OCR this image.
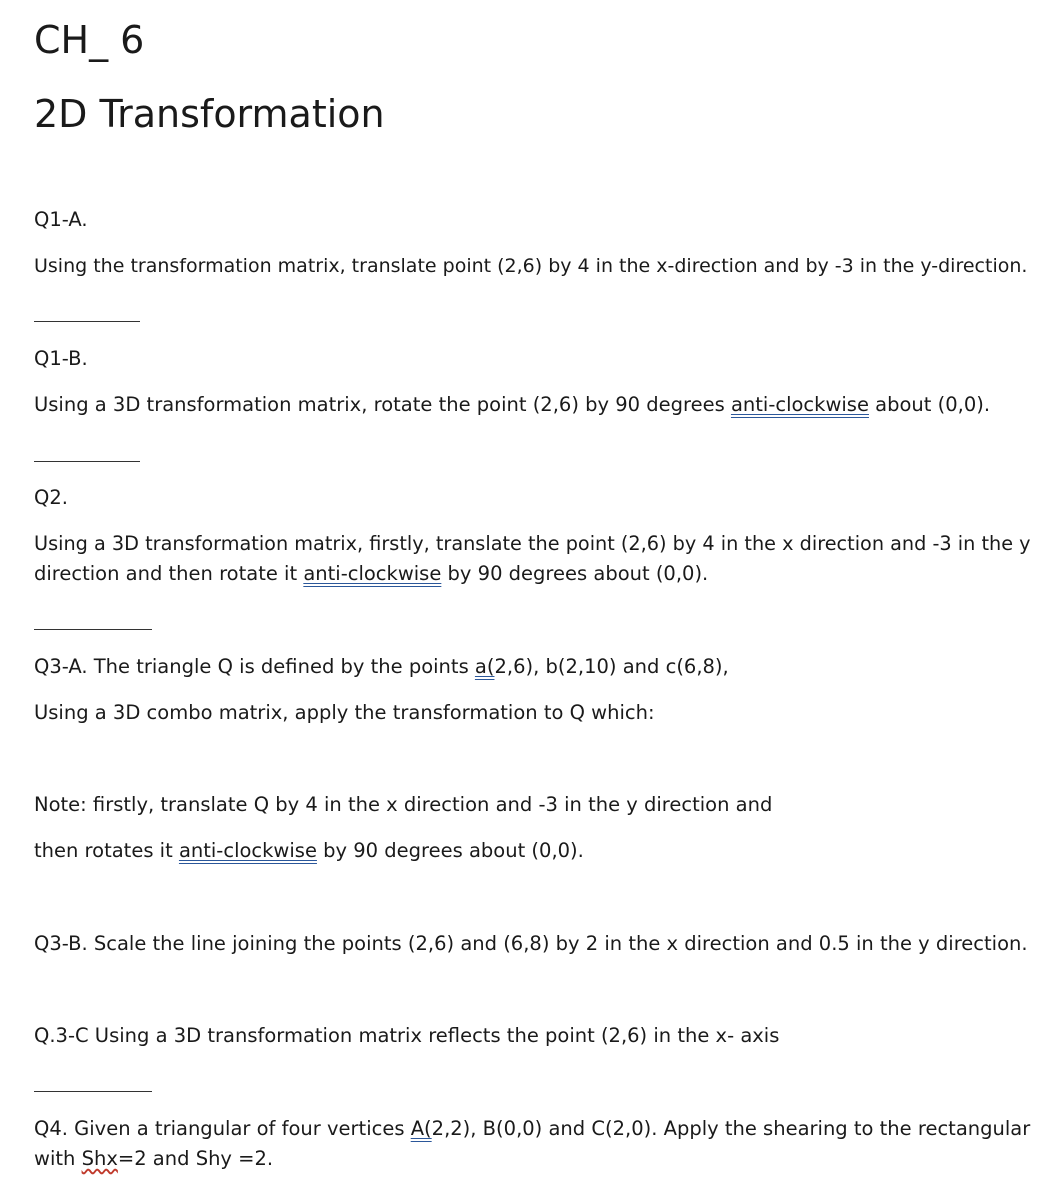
CH_ 6
2D Transformation
Q1-A.
Using the transformation matrix, translate point (2,6) by 4 in the x-direction and by -3 in the y-direction.
Q1-B.
Using a 3D transformation matrix, rotate the point (2,6) by 90 degrees anti-clockwise about (0,0).
Q2.
Using a 3D transformation matrix, firstly, translate the point (2,6) by 4 in the x direction and -3 in the y
direction and then rotate it anti-clockwise by 90 degrees about (0,0).
Q3-A. The triangle Q is defined by the points a(2,6), b(2,10) and c(6,8),
Using a 3D combo matrix, apply the transformation to Q which:
Note: firstly, translate Q by 4 in the x direction and -3 in the y direction and
then rotates it anti-clockwise by 90 degrees about (0,0).
Q3-B. Scale the line joining the points (2,6) and (6,8) by 2 in the x direction and 0.5 in the y direction.
Q.3-C Using a 3D transformation matrix reflects the point (2,6) in the x- axis
Q4. Given a triangular of four vertices A(2,2), B(0,0) and C(2,0). Apply the shearing to the rectangular
with Shx=2 and Shy =2.
